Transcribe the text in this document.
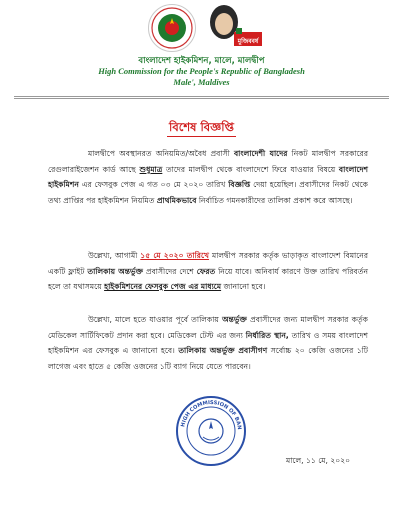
মুজিববর্ষ
বাংলাদেশ হাইকমিশন, মালে, মালদ্বীপ
High Commission for the People's Republic of Bangladesh
Male', Maldives
বিশেষ বিজ্ঞপ্তি
মালদ্বীপে অবস্থানরত অনিয়মিত/অবৈধ প্রবাসী বাংলাদেশী যাদের নিকট মালদ্বীপ সরকারের রেগুলারাইজেশন কার্ড আছে শুধুমাত্র তাদের মালদ্বীপ থেকে বাংলাদেশে ফিরে যাওয়ার বিষয়ে বাংলাদেশ হাইকমিশন এর ফেসবুক পেজ এ গত ০৩ মে ২০২০ তারিখ বিজ্ঞপ্তি দেয়া হয়েছিল। প্রবাসীদের নিকট থেকে তথ্য প্রাপ্তির পর হাইকমিশন নিয়মিত প্রাথমিকভাবে নির্বাচিত গমনকারীদের তালিকা প্রকাশ করে আসছে।
উল্লেখ্য, আগামী ১৫ মে ২০২০ তারিখে মালদ্বীপ সরকার কর্তৃক ভাড়াকৃত বাংলাদেশ বিমানের একটি ফ্লাইট তালিকায় অন্তর্ভুক্ত প্রবাসীদের দেশে ফেরত নিয়ে যাবে। অনিবার্য কারণে উক্ত তারিখ পরিবর্তন হলে তা যথাসময়ে হাইকমিশনের ফেসবুক পেজ এর মাধ্যমে জানানো হবে।
উল্লেখ্য, মালে হতে যাওয়ার পূর্বে তালিকায় অন্তর্ভুক্ত প্রবাসীদের জন্য মালদ্বীপ সরকার কর্তৃক মেডিকেল সার্টিফিকেট প্রদান করা হবে। মেডিকেল টেস্ট এর জন্য নির্ধারিত স্থান, তারিখ ও সময় বাংলাদেশ হাইকমিশন এর ফেসবুক এ জানানো হবে। তালিকায় অন্তর্ভুক্ত প্রবাসীগণ সর্বোচ্চ ২০ কেজি ওজনের ১টি লাগেজ এবং হাতে ৫ কেজি ওজনের ১টি ব্যাগ নিয়ে যেতে পারবেন।
HIGH COMMISSION OF BAN
মালে, ১১ মে, ২০২০
